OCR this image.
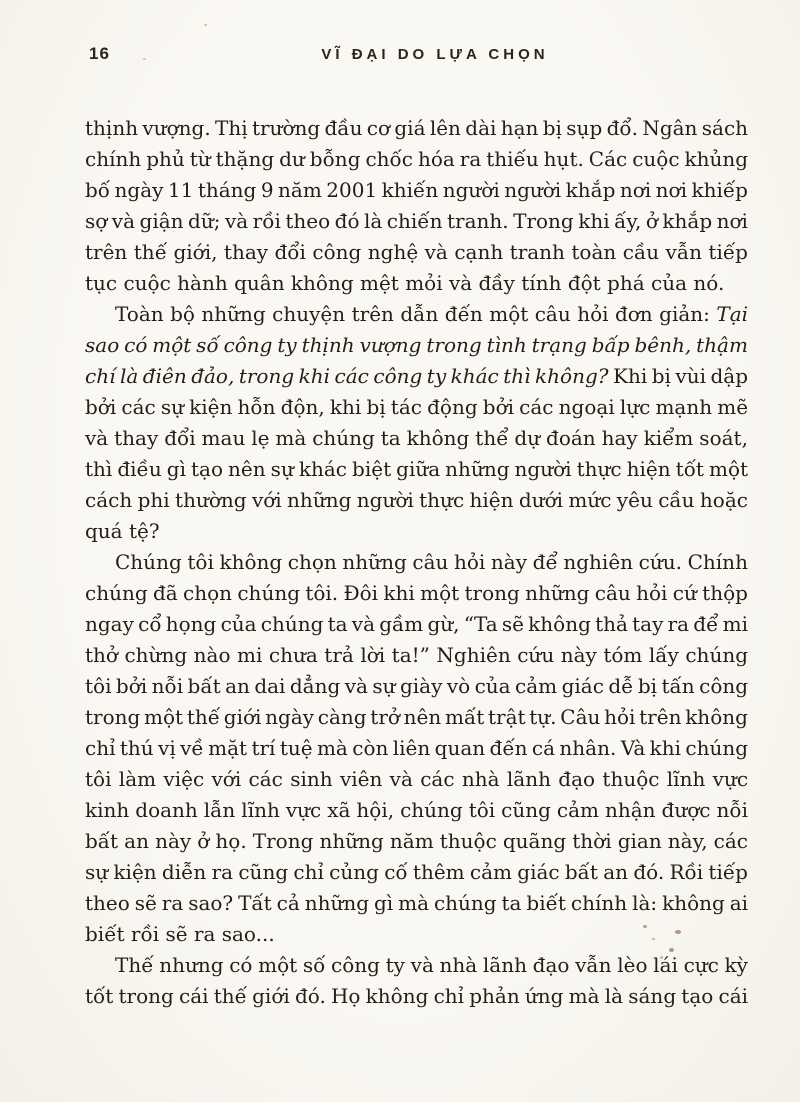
16	VĨ ĐẠI DO LỰA CHỌN
thịnh vượng. Thị trường đầu cơ giá lên dài hạn bị sụp đổ. Ngân sách
chính phủ từ thặng dư bỗng chốc hóa ra thiếu hụt. Các cuộc khủng
bố ngày 11 tháng 9 năm 2001 khiến người người khắp nơi nơi khiếp
sợ và giận dữ; và rồi theo đó là chiến tranh. Trong khi ấy, ở khắp nơi
trên thế giới, thay đổi công nghệ và cạnh tranh toàn cầu vẫn tiếp
tục cuộc hành quân không mệt mỏi và đầy tính đột phá của nó.
Toàn bộ những chuyện trên dẫn đến một câu hỏi đơn giản: Tại
sao có một số công ty thịnh vượng trong tình trạng bấp bênh, thậm
chí là điên đảo, trong khi các công ty khác thì không? Khi bị vùi dập
bởi các sự kiện hỗn độn, khi bị tác động bởi các ngoại lực mạnh mẽ
và thay đổi mau lẹ mà chúng ta không thể dự đoán hay kiểm soát,
thì điều gì tạo nên sự khác biệt giữa những người thực hiện tốt một
cách phi thường với những người thực hiện dưới mức yêu cầu hoặc
quá tệ?
Chúng tôi không chọn những câu hỏi này để nghiên cứu. Chính
chúng đã chọn chúng tôi. Đôi khi một trong những câu hỏi cứ thộp
ngay cổ họng của chúng ta và gầm gừ, “Ta sẽ không thả tay ra để mi
thở chừng nào mi chưa trả lời ta!” Nghiên cứu này tóm lấy chúng
tôi bởi nỗi bất an dai dẳng và sự giày vò của cảm giác dễ bị tấn công
trong một thế giới ngày càng trở nên mất trật tự. Câu hỏi trên không
chỉ thú vị về mặt trí tuệ mà còn liên quan đến cá nhân. Và khi chúng
tôi làm việc với các sinh viên và các nhà lãnh đạo thuộc lĩnh vực
kinh doanh lẫn lĩnh vực xã hội, chúng tôi cũng cảm nhận được nỗi
bất an này ở họ. Trong những năm thuộc quãng thời gian này, các
sự kiện diễn ra cũng chỉ củng cố thêm cảm giác bất an đó. Rồi tiếp
theo sẽ ra sao? Tất cả những gì mà chúng ta biết chính là: không ai
biết rồi sẽ ra sao...
Thế nhưng có một số công ty và nhà lãnh đạo vẫn lèo lái cực kỳ
tốt trong cái thế giới đó. Họ không chỉ phản ứng mà là sáng tạo cái
